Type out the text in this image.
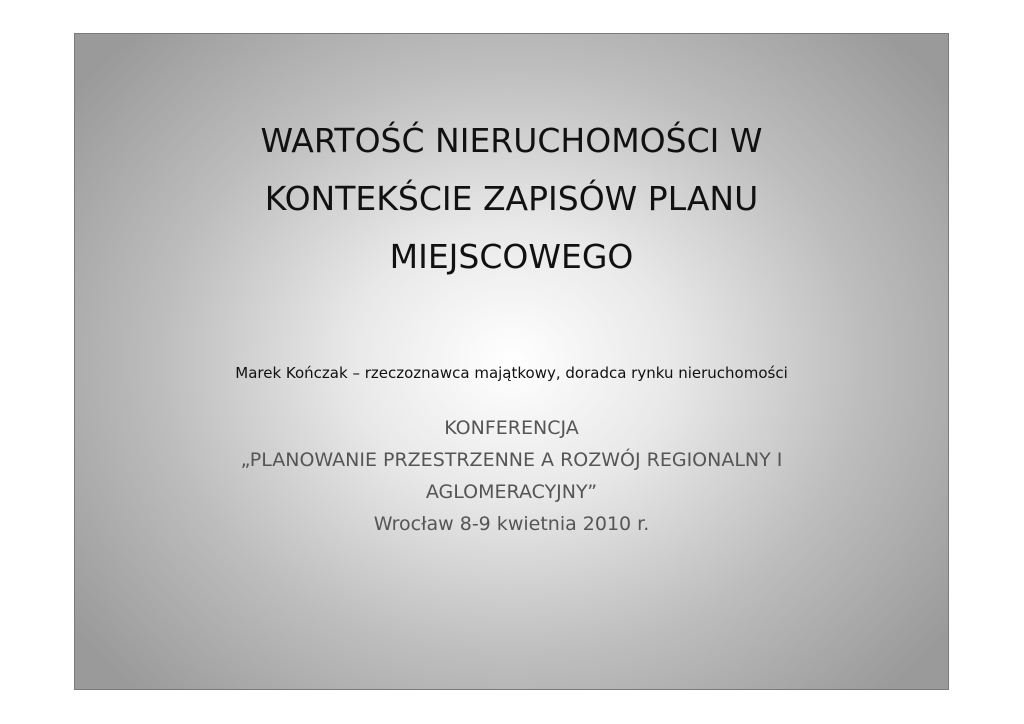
WARTOŚĆ NIERUCHOMOŚCI W
KONTEKŚCIE ZAPISÓW PLANU
MIEJSCOWEGO
Marek Kończak – rzeczoznawca majątkowy, doradca rynku nieruchomości
KONFERENCJA
„PLANOWANIE PRZESTRZENNE A ROZWÓJ REGIONALNY I
AGLOMERACYJNY”
Wrocław 8-9 kwietnia 2010 r.
